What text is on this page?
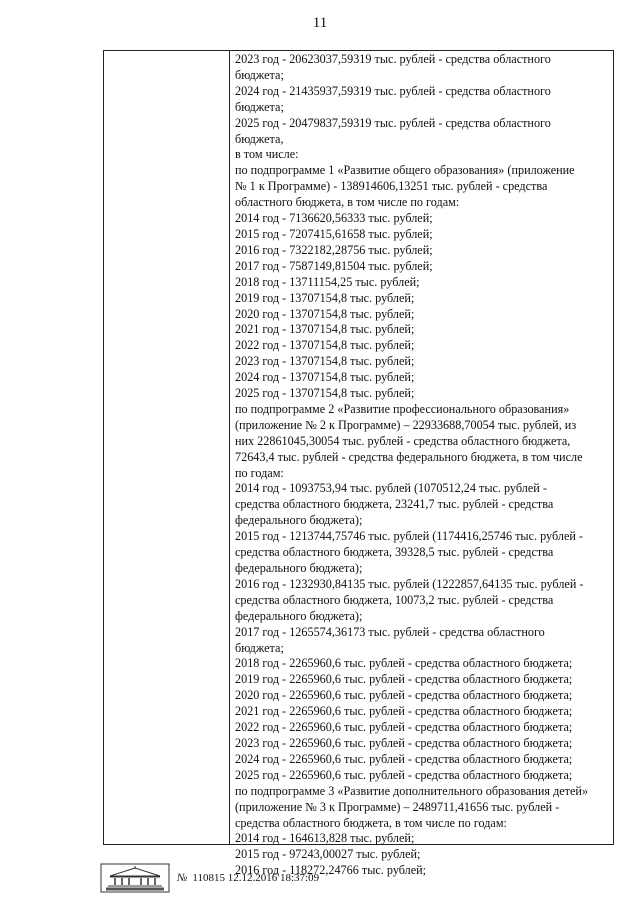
11

2023 год - 20623037,59319 тыс. рублей - средства областного

бюджета;

2024 год - 21435937,59319 тыс. рублей - средства областного

бюджета;

2025 год - 20479837,59319 тыс. рублей - средства областного

бюджета,

в том числе:

по подпрограмме 1 «Развитие общего образования» (приложение

№ 1 к Программе) - 138914606,13251 тыс. рублей - средства

областного бюджета, в том числе по годам:

2014 год - 7136620,56333 тыс. рублей;

2015 год - 7207415,61658 тыс. рублей;

2016 год - 7322182,28756 тыс. рублей;

2017 год - 7587149,81504 тыс. рублей;

2018 год - 13711154,25 тыс. рублей;

2019 год - 13707154,8 тыс. рублей;

2020 год - 13707154,8 тыс. рублей;

2021 год - 13707154,8 тыс. рублей;

2022 год - 13707154,8 тыс. рублей;

2023 год - 13707154,8 тыс. рублей;

2024 год - 13707154,8 тыс. рублей;

2025 год - 13707154,8 тыс. рублей;

по подпрограмме 2 «Развитие профессионального образования»

(приложение № 2 к Программе) – 22933688,70054 тыс. рублей, из

них 22861045,30054 тыс. рублей - средства областного бюджета,

72643,4 тыс. рублей - средства федерального бюджета, в том числе

по годам:

2014 год - 1093753,94 тыс. рублей (1070512,24 тыс. рублей -

средства областного бюджета, 23241,7 тыс. рублей - средства

федерального бюджета);

2015 год - 1213744,75746 тыс. рублей (1174416,25746 тыс. рублей -

средства областного бюджета, 39328,5 тыс. рублей - средства

федерального бюджета);

2016 год - 1232930,84135 тыс. рублей (1222857,64135 тыс. рублей -

средства областного бюджета, 10073,2 тыс. рублей - средства

федерального бюджета);

2017 год - 1265574,36173 тыс. рублей - средства областного

бюджета;

2018 год - 2265960,6 тыс. рублей - средства областного бюджета;

2019 год - 2265960,6 тыс. рублей - средства областного бюджета;

2020 год - 2265960,6 тыс. рублей - средства областного бюджета;

2021 год - 2265960,6 тыс. рублей - средства областного бюджета;

2022 год - 2265960,6 тыс. рублей - средства областного бюджета;

2023 год - 2265960,6 тыс. рублей - средства областного бюджета;

2024 год - 2265960,6 тыс. рублей - средства областного бюджета;

2025 год - 2265960,6 тыс. рублей - средства областного бюджета;

по подпрограмме 3 «Развитие дополнительного образования детей»

(приложение № 3 к Программе) – 2489711,41656 тыс. рублей -

средства областного бюджета, в том числе по годам:

2014 год - 164613,828 тыс. рублей;

2015 год - 97243,00027 тыс. рублей;

2016 год - 118272,24766 тыс. рублей;

№ 110815 12.12.2016 18:37:09
